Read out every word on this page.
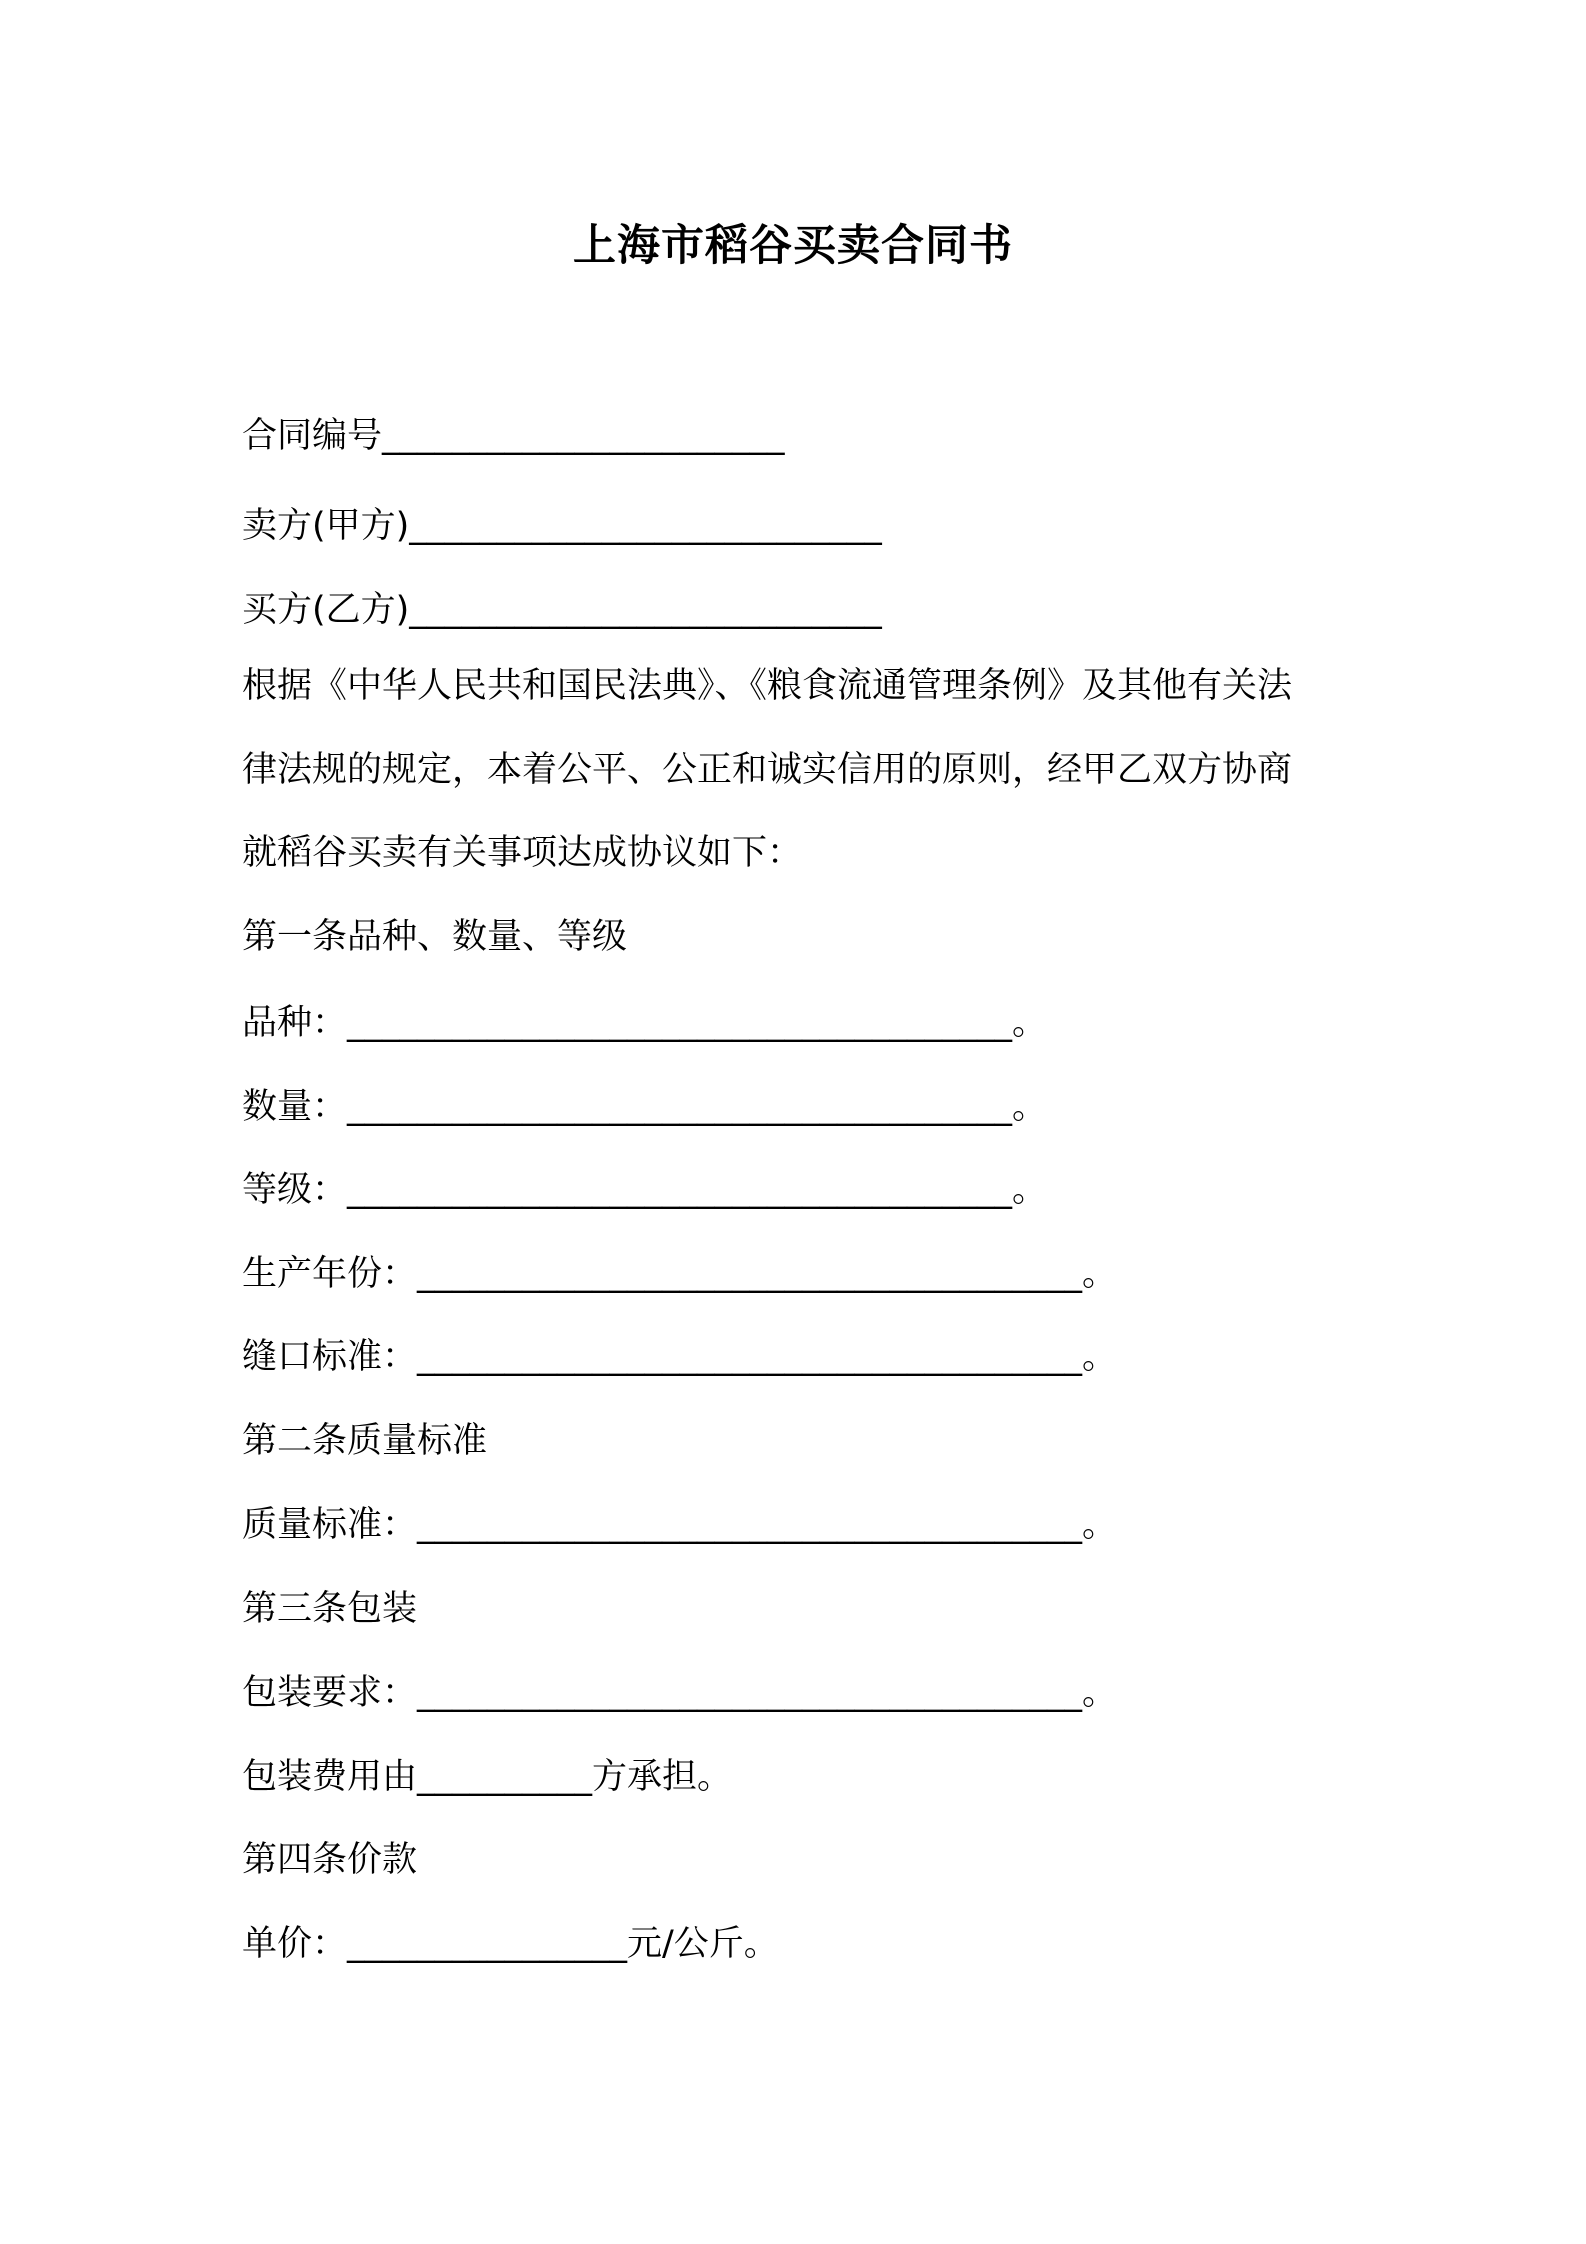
上海市稻谷买卖合同书

合同编号_______________________

卖方(甲方)___________________________

买方(乙方)___________________________

根据《中华人民共和国民法典》、《粮食流通管理条例》及其他有关法

律法规的规定，本着公平、公正和诚实信用的原则，经甲乙双方协商

就稻谷买卖有关事项达成协议如下：

第一条品种、数量、等级

品种：______________________________________。

数量：______________________________________。

等级：______________________________________。

生产年份：______________________________________。

缝口标准：______________________________________。

第二条质量标准

质量标准：______________________________________。

第三条包装

包装要求：______________________________________。

包装费用由__________方承担。

第四条价款

单价：________________元/公斤。
